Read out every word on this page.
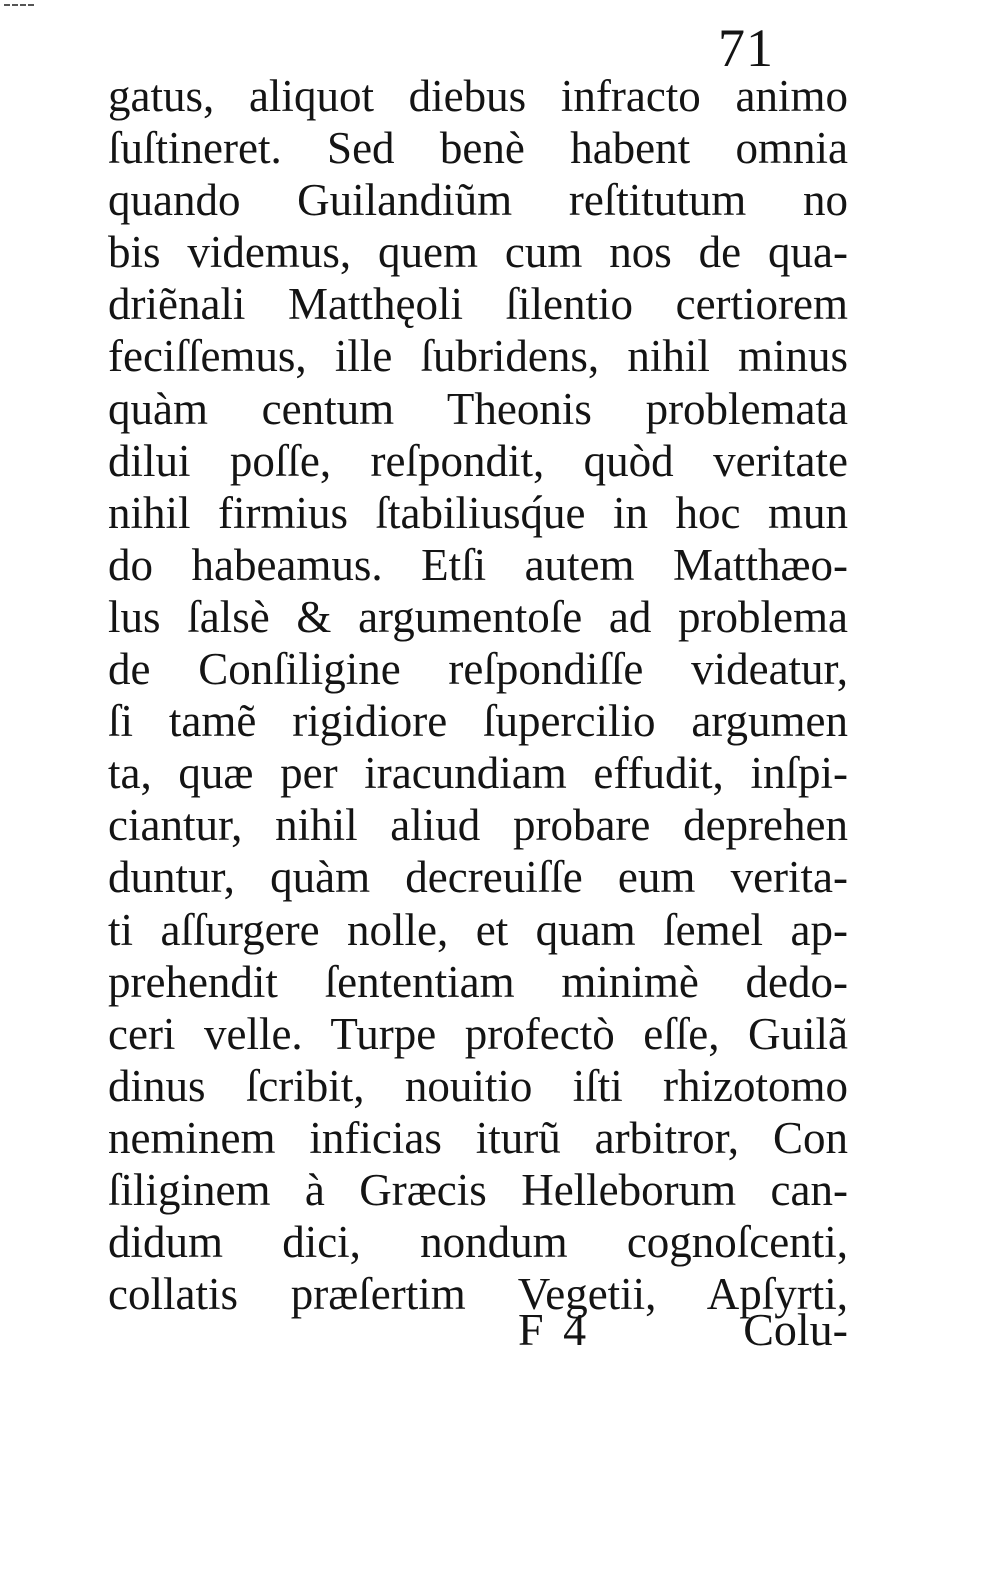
71
gatus, aliquot diebus infracto animo
ſuſtineret. Sed benè habent omnia
quando Guilandiũm reſtitutum no
bis videmus, quem cum nos de qua-
driẽnali Matthęoli ſilentio certiorem
feciſſemus, ille ſubridens, nihil minus
quàm centum Theonis problemata
dilui poſſe, reſpondit, quòd veritate
nihil firmius ſtabiliusq́ue in hoc mun
do habeamus. Etſi autem Matthæo-
lus ſalsè & argumentoſe ad problema
de Conſiligine reſpondiſſe videatur,
ſi tamẽ rigidiore ſupercilio argumen
ta, quæ per iracundiam effudit, inſpi-
ciantur, nihil aliud probare deprehen
duntur, quàm decreuiſſe eum verita-
ti aſſurgere nolle, et quam ſemel ap-
prehendit ſententiam minimè dedo-
ceri velle. Turpe profectò eſſe, Guilã
dinus ſcribit, nouitio iſti rhizotomo
neminem inficias iturũ arbitror, Con
ſiliginem à Græcis Helleborum can-
didum dici, nondum cognoſcenti,
collatis præſertim Vegetii, Apſyrti,
F 4	Colu-
